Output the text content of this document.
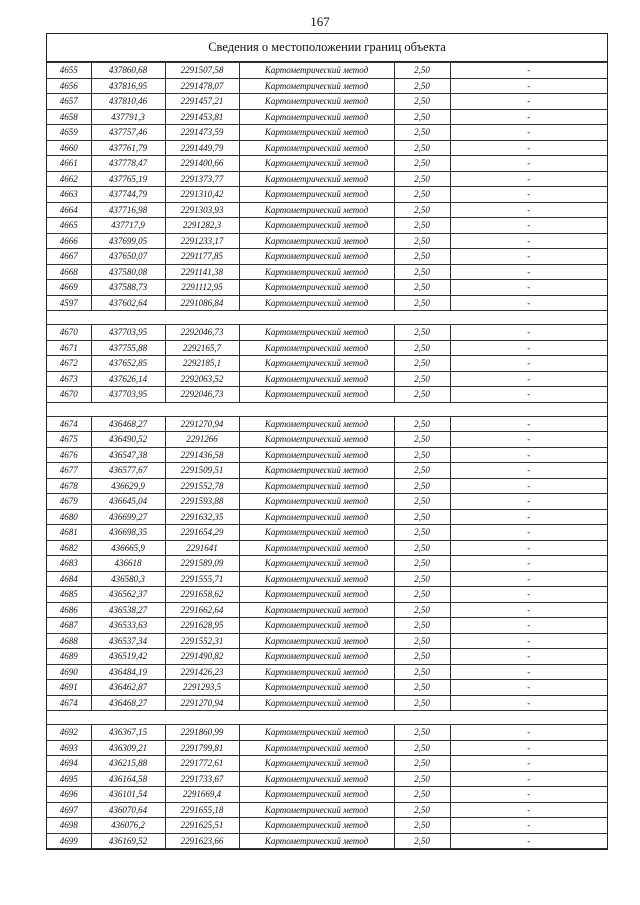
167
Сведения о местоположении границ объекта
4655	437860,68	2291507,58	Картометрический метод	2,50	-
4656	437816,95	2291478,07	Картометрический метод	2,50	-
4657	437810,46	2291457,21	Картометрический метод	2,50	-
4658	437791,3	2291453,81	Картометрический метод	2,50	-
4659	437757,46	2291473,59	Картометрический метод	2,50	-
4660	437761,79	2291449,79	Картометрический метод	2,50	-
4661	437778,47	2291400,66	Картометрический метод	2,50	-
4662	437765,19	2291373,77	Картометрический метод	2,50	-
4663	437744,79	2291310,42	Картометрический метод	2,50	-
4664	437716,98	2291303,93	Картометрический метод	2,50	-
4665	437717,9	2291282,3	Картометрический метод	2,50	-
4666	437699,05	2291233,17	Картометрический метод	2,50	-
4667	437650,07	2291177,85	Картометрический метод	2,50	-
4668	437580,08	2291141,38	Картометрический метод	2,50	-
4669	437588,73	2291112,95	Картометрический метод	2,50	-
4597	437602,64	2291086,84	Картометрический метод	2,50	-

4670	437703,95	2292046,73	Картометрический метод	2,50	-
4671	437755,88	2292165,7	Картометрический метод	2,50	-
4672	437652,85	2292185,1	Картометрический метод	2,50	-
4673	437626,14	2292063,52	Картометрический метод	2,50	-
4670	437703,95	2292046,73	Картометрический метод	2,50	-

4674	436468,27	2291270,94	Картометрический метод	2,50	-
4675	436490,52	2291266	Картометрический метод	2,50	-
4676	436547,38	2291436,58	Картометрический метод	2,50	-
4677	436577,67	2291509,51	Картометрический метод	2,50	-
4678	436629,9	2291552,78	Картометрический метод	2,50	-
4679	436645,04	2291593,88	Картометрический метод	2,50	-
4680	436699,27	2291632,35	Картометрический метод	2,50	-
4681	436698,35	2291654,29	Картометрический метод	2,50	-
4682	436665,9	2291641	Картометрический метод	2,50	-
4683	436618	2291589,09	Картометрический метод	2,50	-
4684	436580,3	2291555,71	Картометрический метод	2,50	-
4685	436562,37	2291658,62	Картометрический метод	2,50	-
4686	436538,27	2291662,64	Картометрический метод	2,50	-
4687	436533,63	2291628,95	Картометрический метод	2,50	-
4688	436537,34	2291552,31	Картометрический метод	2,50	-
4689	436519,42	2291490,82	Картометрический метод	2,50	-
4690	436484,19	2291426,23	Картометрический метод	2,50	-
4691	436462,87	2291293,5	Картометрический метод	2,50	-
4674	436468,27	2291270,94	Картометрический метод	2,50	-

4692	436367,15	2291860,99	Картометрический метод	2,50	-
4693	436309,21	2291799,81	Картометрический метод	2,50	-
4694	436215,88	2291772,61	Картометрический метод	2,50	-
4695	436164,58	2291733,67	Картометрический метод	2,50	-
4696	436101,54	2291669,4	Картометрический метод	2,50	-
4697	436070,64	2291655,18	Картометрический метод	2,50	-
4698	436076,2	2291625,51	Картометрический метод	2,50	-
4699	436169,52	2291623,66	Картометрический метод	2,50	-
